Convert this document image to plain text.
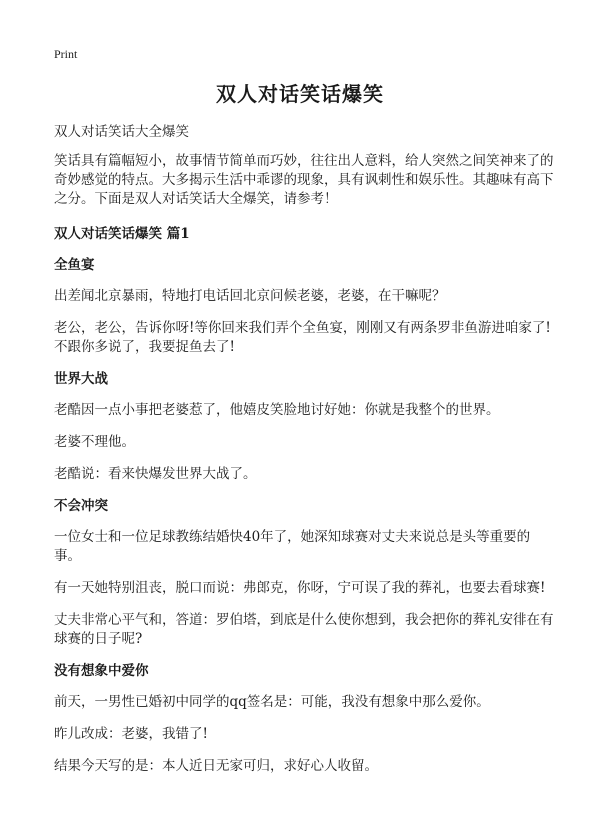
Print
双人对话笑话爆笑
双人对话笑话大全爆笑

笑话具有篇幅短小，故事情节简单而巧妙，往往出人意料，给人突然之间笑神来了的奇妙感觉的特点。大多揭示生活中乖谬的现象，具有讽刺性和娱乐性。其趣味有高下之分。下面是双人对话笑话大全爆笑，请参考！

双人对话笑话爆笑 篇1

全鱼宴

出差闻北京暴雨，特地打电话回北京问候老婆，老婆，在干嘛呢？

老公，老公，告诉你呀!等你回来我们弄个全鱼宴，刚刚又有两条罗非鱼游进咱家了!不跟你多说了，我要捉鱼去了!

世界大战

老酷因一点小事把老婆惹了，他嬉皮笑脸地讨好她：你就是我整个的世界。

老婆不理他。

老酷说：看来快爆发世界大战了。

不会冲突

一位女士和一位足球教练结婚快40年了，她深知球赛对丈夫来说总是头等重要的事。

有一天她特别沮丧，脱口而说：弗郎克，你呀，宁可误了我的葬礼，也要去看球赛!

丈夫非常心平气和，答道：罗伯塔，到底是什么使你想到，我会把你的葬礼安徘在有球赛的日子呢?

没有想象中爱你

前天，一男性已婚初中同学的qq签名是：可能，我没有想象中那么爱你。

昨儿改成：老婆，我错了!

结果今天写的是：本人近日无家可归，求好心人收留。
